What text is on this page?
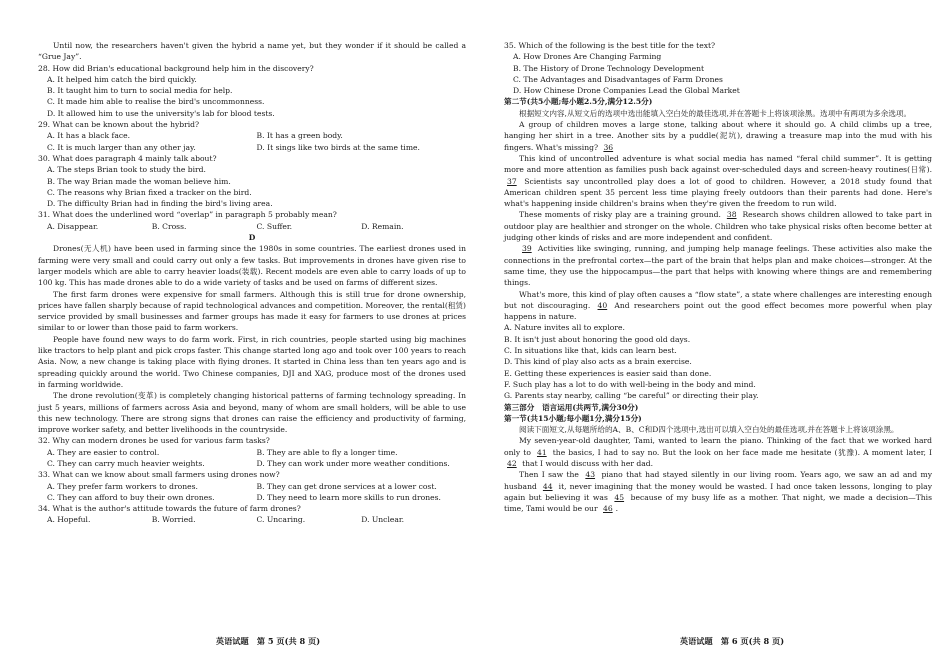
Until now, the researchers haven't given the hybrid a name yet, but they wonder if it should be called a “Grue Jay”.

28. How did Brian's educational background help him in the discovery?

A. It helped him catch the bird quickly.

B. It taught him to turn to social media for help.

C. It made him able to realise the bird's uncommonness.

D. It allowed him to use the university's lab for blood tests.

29. What can be known about the hybrid?

A. It has a black face.	B. It has a green body.
C. It is much larger than any other jay.	D. It sings like two birds at the same time.

30. What does paragraph 4 mainly talk about?

A. The steps Brian took to study the bird.

B. The way Brian made the woman believe him.

C. The reasons why Brian fixed a tracker on the bird.

D. The difficulty Brian had in finding the bird's living area.

31. What does the underlined word “overlap” in paragraph 5 probably mean?

A. Disappear.	B. Cross.	C. Suffer.	D. Remain.

D

Drones(无人机) have been used in farming since the 1980s in some countries. The earliest drones used in farming were very small and could carry out only a few tasks. But improvements in drones have given rise to larger models which are able to carry heavier loads(装载). Recent models are even able to carry loads of up to 100 kg. This has made drones able to do a wide variety of tasks and be used on farms of different sizes.

The first farm drones were expensive for small farmers. Although this is still true for drone ownership, prices have fallen sharply because of rapid technological advances and competition. Moreover, the rental(租赁) service provided by small businesses and farmer groups has made it easy for farmers to use drones at prices similar to or lower than those paid to farm workers.

People have found new ways to do farm work. First, in rich countries, people started using big machines like tractors to help plant and pick crops faster. This change started long ago and took over 100 years to reach Asia. Now, a new change is taking place with flying drones. It started in China less than ten years ago and is spreading quickly around the world. Two Chinese companies, DJI and XAG, produce most of the drones used in farming worldwide.

The drone revolution(变革) is completely changing historical patterns of farming technology spreading. In just 5 years, millions of farmers across Asia and beyond, many of whom are small holders, will be able to use this new technology. There are strong signs that drones can raise the efficiency and productivity of farming, improve worker safety, and better livelihoods in the countryside.

32. Why can modern drones be used for various farm tasks?

A. They are easier to control.	B. They are able to fly a longer time.
C. They can carry much heavier weights.	D. They can work under more weather conditions.

33. What can we know about small farmers using drones now?

A. They prefer farm workers to drones.	B. They can get drone services at a lower cost.
C. They can afford to buy their own drones.	D. They need to learn more skills to run drones.

34. What is the author's attitude towards the future of farm drones?

A. Hopeful.	B. Worried.	C. Uncaring.	D. Unclear.
英语试题　第 5 页(共 8 页)

35. Which of the following is the best title for the text?

A. How Drones Are Changing Farming

B. The History of Drone Technology Development

C. The Advantages and Disadvantages of Farm Drones

D. How Chinese Drone Companies Lead the Global Market

第二节(共5小题;每小题2.5分,满分12.5分)

根据短文内容,从短文后的选项中选出能填入空白处的最佳选项,并在答题卡上将该项涂黑。选项中有两项为多余选项。

A group of children moves a large stone, talking about where it should go. A child climbs up a tree, hanging her shirt in a tree. Another sits by a puddle(泥坑), drawing a treasure map into the mud with his fingers. What's missing? 36

This kind of uncontrolled adventure is what social media has named “feral child summer”. It is getting more and more attention as families push back against over-scheduled days and screen-heavy routines(日常). 37 Scientists say uncontrolled play does a lot of good to children. However, a 2018 study found that American children spent 35 percent less time playing freely outdoors than their parents had done. Here's what's happening inside children's brains when they're given the freedom to run wild.

These moments of risky play are a training ground. 38 Research shows children allowed to take part in outdoor play are healthier and stronger on the whole. Children who take physical risks often become better at judging other kinds of risks and are more independent and confident.

39 Activities like swinging, running, and jumping help manage feelings. These activities also make the connections in the prefrontal cortex—the part of the brain that helps plan and make choices—stronger. At the same time, they use the hippocampus—the part that helps with knowing where things are and remembering things.

What's more, this kind of play often causes a “flow state”, a state where challenges are interesting enough but not discouraging. 40 And researchers point out the good effect becomes more powerful when play happens in nature.

A. Nature invites all to explore.

B. It isn't just about honoring the good old days.

C. In situations like that, kids can learn best.

D. This kind of play also acts as a brain exercise.

E. Getting these experiences is easier said than done.

F. Such play has a lot to do with well-being in the body and mind.

G. Parents stay nearby, calling “be careful” or directing their play.

第三部分　语言运用(共两节,满分30分)

第一节(共15小题;每小题1分,满分15分)

阅读下面短文,从每题所给的A、B、C和D四个选项中,选出可以填入空白处的最佳选项,并在答题卡上将该项涂黑。

My seven-year-old daughter, Tami, wanted to learn the piano. Thinking of the fact that we worked hard only to 41 the basics, I had to say no. But the look on her face made me hesitate (犹豫). A moment later, I 42 that I would discuss with her dad.

Then I saw the 43 piano that had stayed silently in our living room. Years ago, we saw an ad and my husband 44 it, never imagining that the money would be wasted. I had once taken lessons, longing to play again but believing it was 45 because of my busy life as a mother. That night, we made a decision—This time, Tami would be our 46 .

英语试题　第 6 页(共 8 页)
